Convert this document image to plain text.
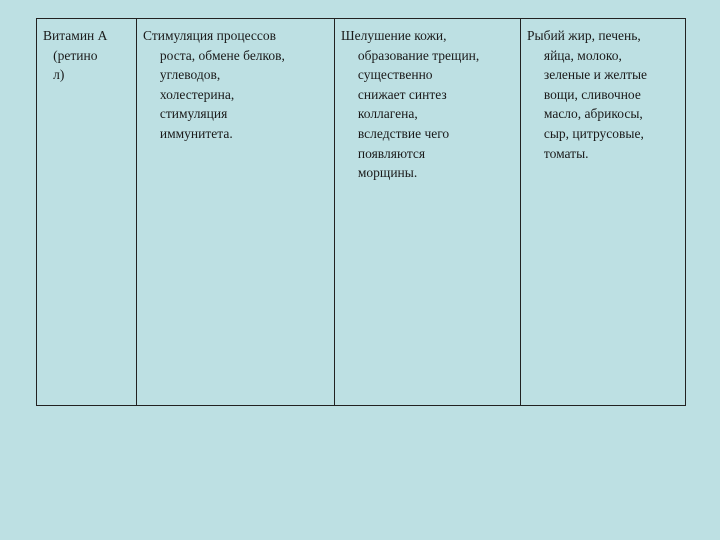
Витамин А
(ретино
л)

Стимуляция процессов
роста, обмене белков,
углеводов,
холестерина,
стимуляция
иммунитета.

Шелушение кожи,
образование трещин,
существенно
снижает синтез
коллагена,
вследствие чего
появляются
морщины.

Рыбий жир, печень,
яйца, молоко,
зеленые и желтые
вощи, сливочное
масло, абрикосы,
сыр, цитрусовые,
томаты.
